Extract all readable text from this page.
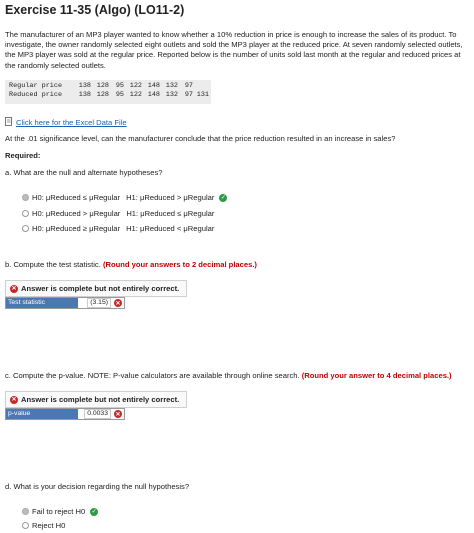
Exercise 11-35 (Algo) (LO11-2)
The manufacturer of an MP3 player wanted to know whether a 10% reduction in price is enough to increase the sales of its product. To investigate, the owner randomly selected eight outlets and sold the MP3 player at the reduced price. At seven randomly selected outlets, the MP3 player was sold at the regular price. Reported below is the number of units sold last month at the regular and reduced prices at the randomly selected outlets.
Regular price	138 128	95 122 148 132	97
Reduced price	138 128	95 122 148 132	97 131
Click here for the Excel Data File
At the .01 significance level, can the manufacturer conclude that the price reduction resulted in an increase in sales?
Required:
a. What are the null and alternate hypotheses?
H0: μReduced ≤ μRegular H1: μReduced > μRegular ✓
H0: μReduced > μRegular H1: μReduced ≤ μRegular
H0: μReduced ≥ μRegular H1: μReduced < μRegular
b. Compute the test statistic. (Round your answers to 2 decimal places.)
✕ Answer is complete but not entirely correct.
Test statistic	(3.15)	✕
c. Compute the p-value. NOTE: P-value calculators are available through online search. (Round your answer to 4 decimal places.)
✕ Answer is complete but not entirely correct.
p-value	0.0033	✕
d. What is your decision regarding the null hypothesis?
Fail to reject H0 ✓
Reject H0
